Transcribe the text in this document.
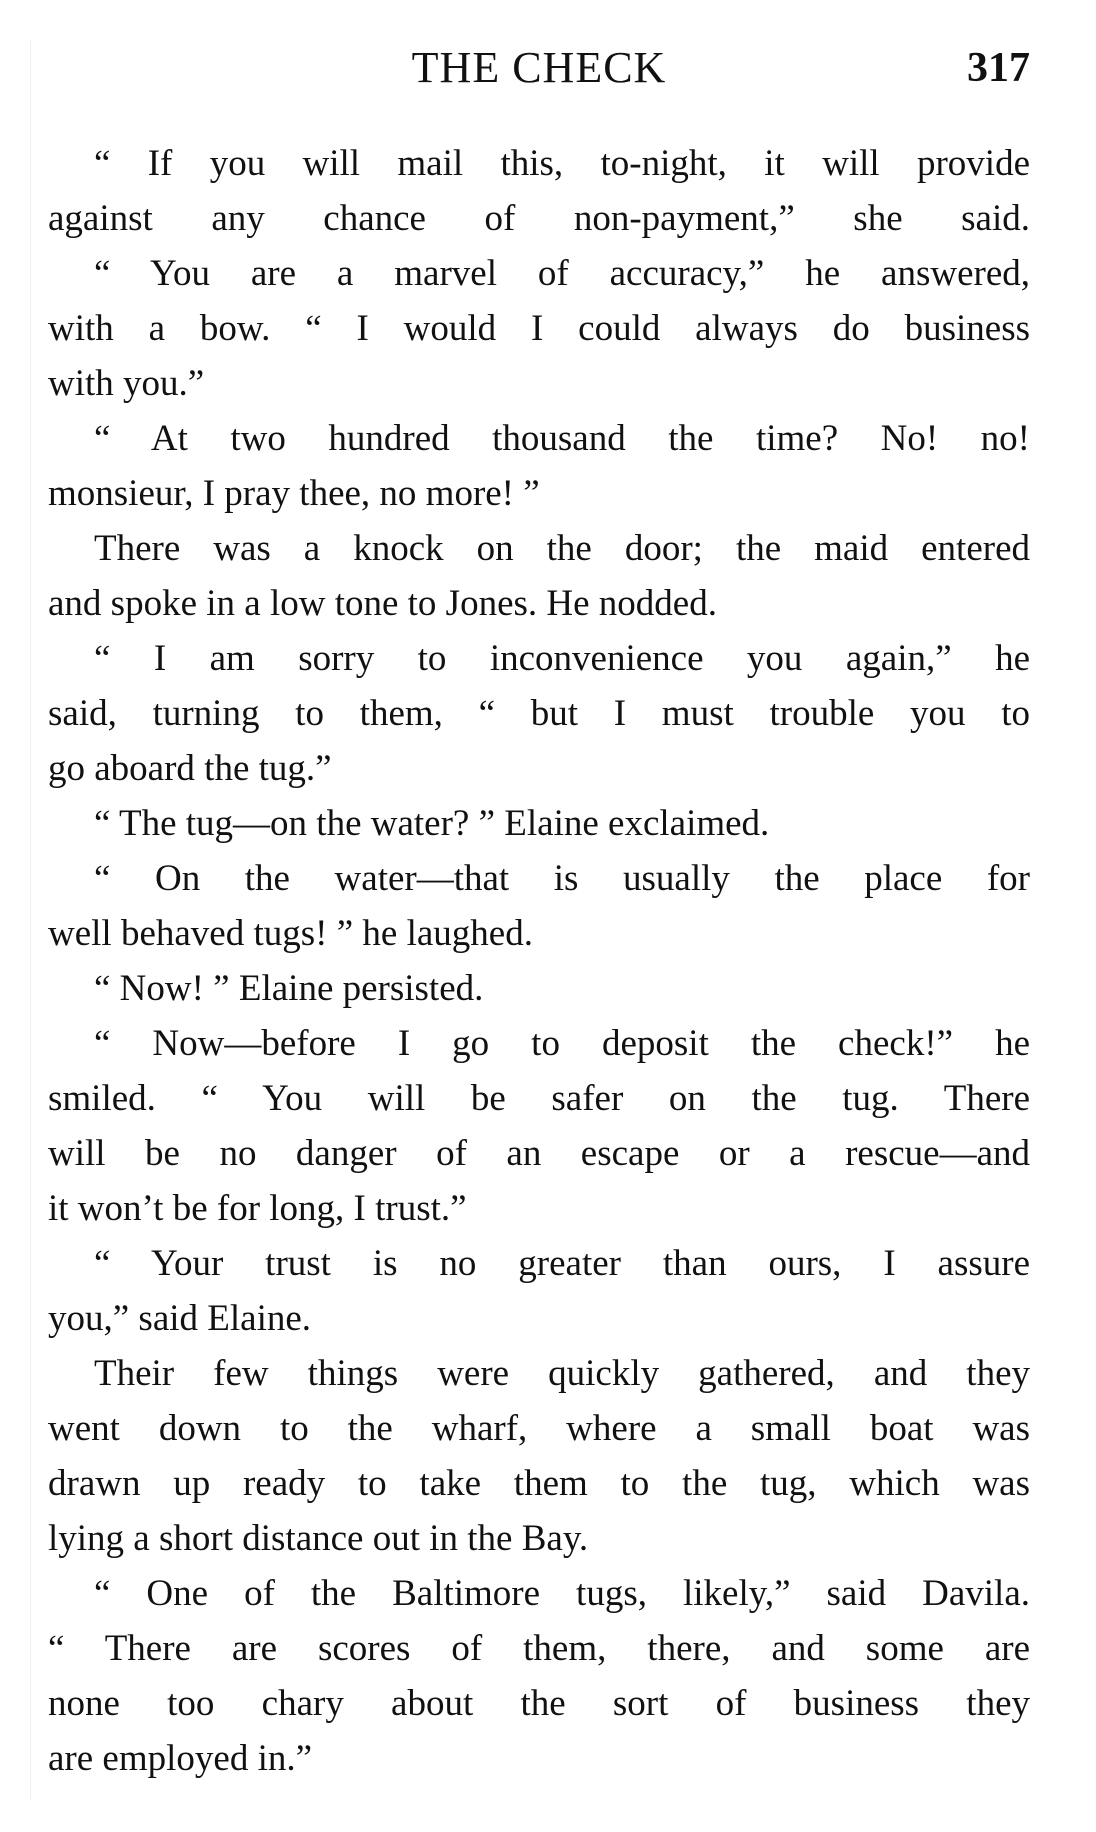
THE CHECK	317
“ If you will mail this, to-night, it will provide
against any chance of non-payment,” she said.
“ You are a marvel of accuracy,” he answered,
with a bow. “ I would I could always do business
with you.”
“ At two hundred thousand the time? No! no!
monsieur, I pray thee, no more! ”
There was a knock on the door; the maid entered
and spoke in a low tone to Jones. He nodded.
“ I am sorry to inconvenience you again,” he
said, turning to them, “ but I must trouble you to
go aboard the tug.”
“ The tug—on the water? ” Elaine exclaimed.
“ On the water—that is usually the place for
well behaved tugs! ” he laughed.
“ Now! ” Elaine persisted.
“ Now—before I go to deposit the check!” he
smiled. “ You will be safer on the tug. There
will be no danger of an escape or a rescue—and
it won’t be for long, I trust.”
“ Your trust is no greater than ours, I assure
you,” said Elaine.
Their few things were quickly gathered, and they
went down to the wharf, where a small boat was
drawn up ready to take them to the tug, which was
lying a short distance out in the Bay.
“ One of the Baltimore tugs, likely,” said Davila.
“ There are scores of them, there, and some are
none too chary about the sort of business they
are employed in.”
